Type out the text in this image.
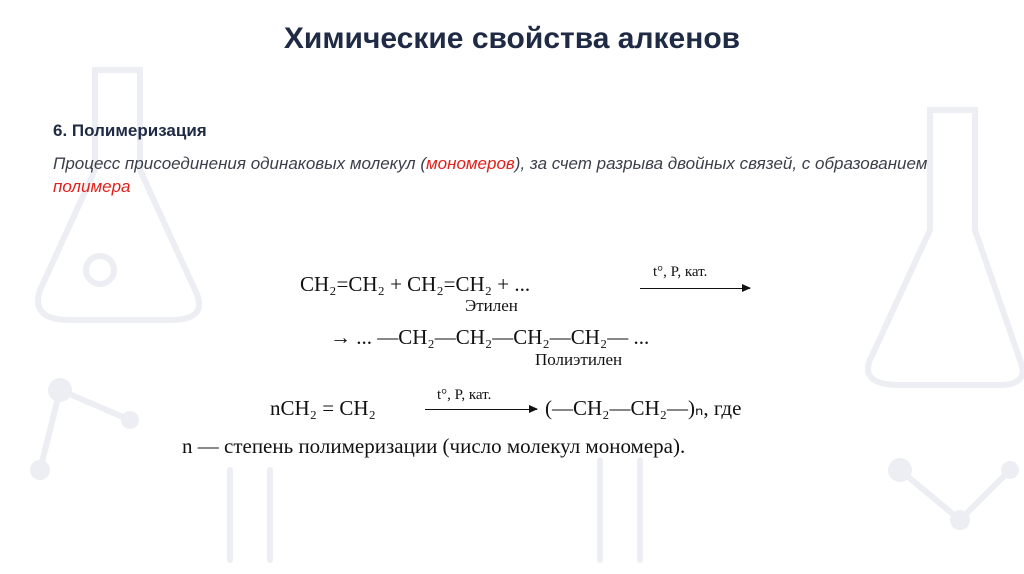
Химические свойства алкенов
6. Полимеризация
Процесс присоединения одинаковых молекул (мономеров), за счет разрыва двойных связей, с образованием полимера
CH₂=CH₂ + CH₂=CH₂ + ...	t°, P, кат.
Этилен
→ ... —CH₂—CH₂—CH₂—CH₂— ...
Полиэтилен
nCH₂ = CH₂
t°, P, кат.
(—CH₂—CH₂—)ₙ, где
n — степень полимеризации (число молекул мономера).
